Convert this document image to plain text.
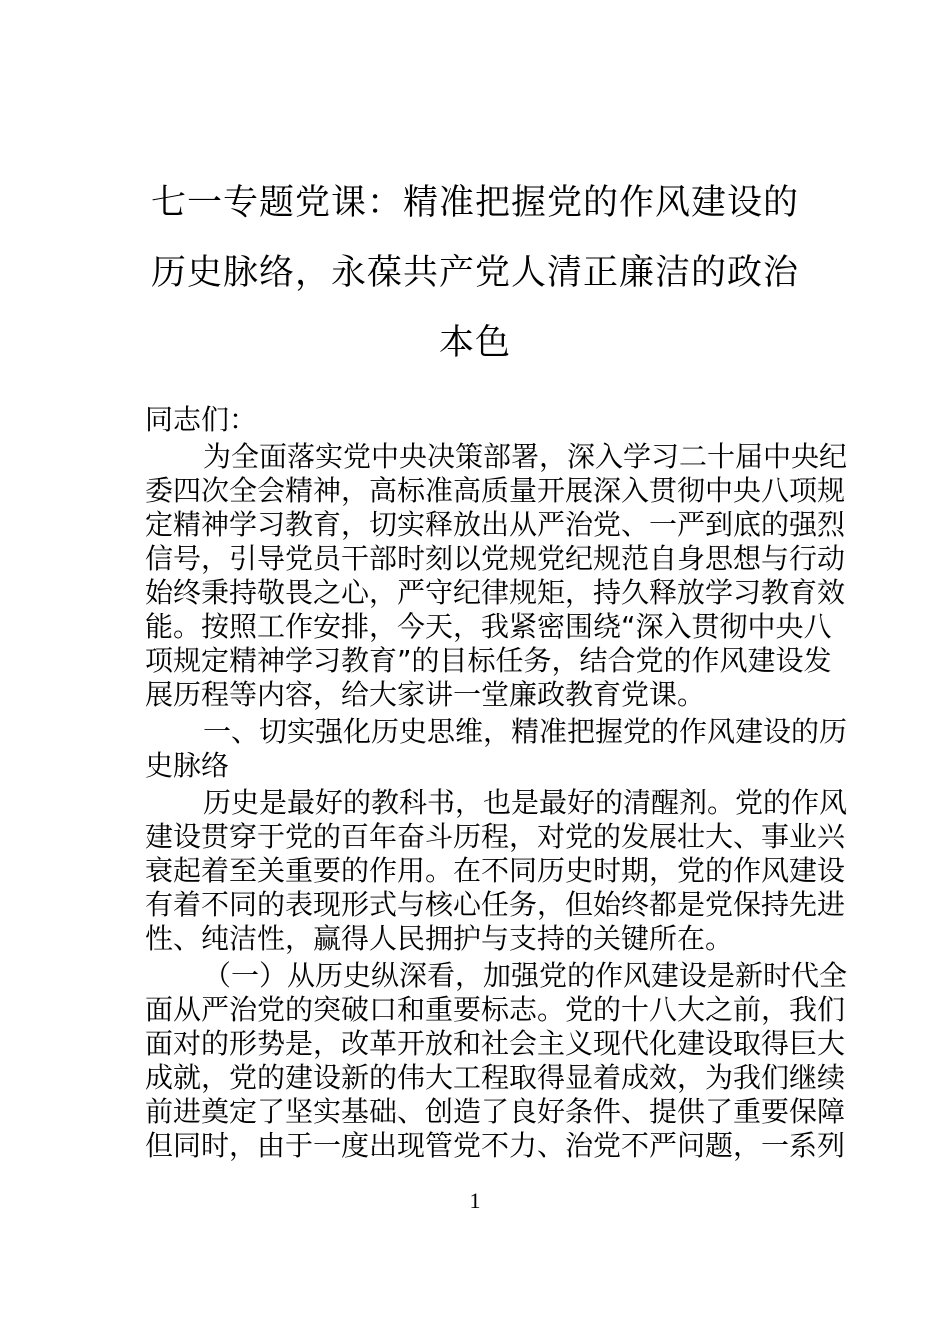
七一专题党课：精准把握党的作风建设的
历史脉络，永葆共产党人清正廉洁的政治
本色
同志们：
为全面落实党中央决策部署，深入学习二十届中央纪
委四次全会精神，高标准高质量开展深入贯彻中央八项规
定精神学习教育，切实释放出从严治党、一严到底的强烈
信号，引导党员干部时刻以党规党纪规范自身思想与行动
始终秉持敬畏之心，严守纪律规矩，持久释放学习教育效
能。按照工作安排，今天，我紧密围绕“深入贯彻中央八
项规定精神学习教育”的目标任务，结合党的作风建设发
展历程等内容，给大家讲一堂廉政教育党课。
一、切实强化历史思维，精准把握党的作风建设的历
史脉络
历史是最好的教科书，也是最好的清醒剂。党的作风
建设贯穿于党的百年奋斗历程，对党的发展壮大、事业兴
衰起着至关重要的作用。在不同历史时期，党的作风建设
有着不同的表现形式与核心任务，但始终都是党保持先进
性、纯洁性，赢得人民拥护与支持的关键所在。
（一）从历史纵深看，加强党的作风建设是新时代全
面从严治党的突破口和重要标志。党的十八大之前，我们
面对的形势是，改革开放和社会主义现代化建设取得巨大
成就，党的建设新的伟大工程取得显着成效，为我们继续
前进奠定了坚实基础、创造了良好条件、提供了重要保障
但同时，由于一度出现管党不力、治党不严问题，一系列
1
